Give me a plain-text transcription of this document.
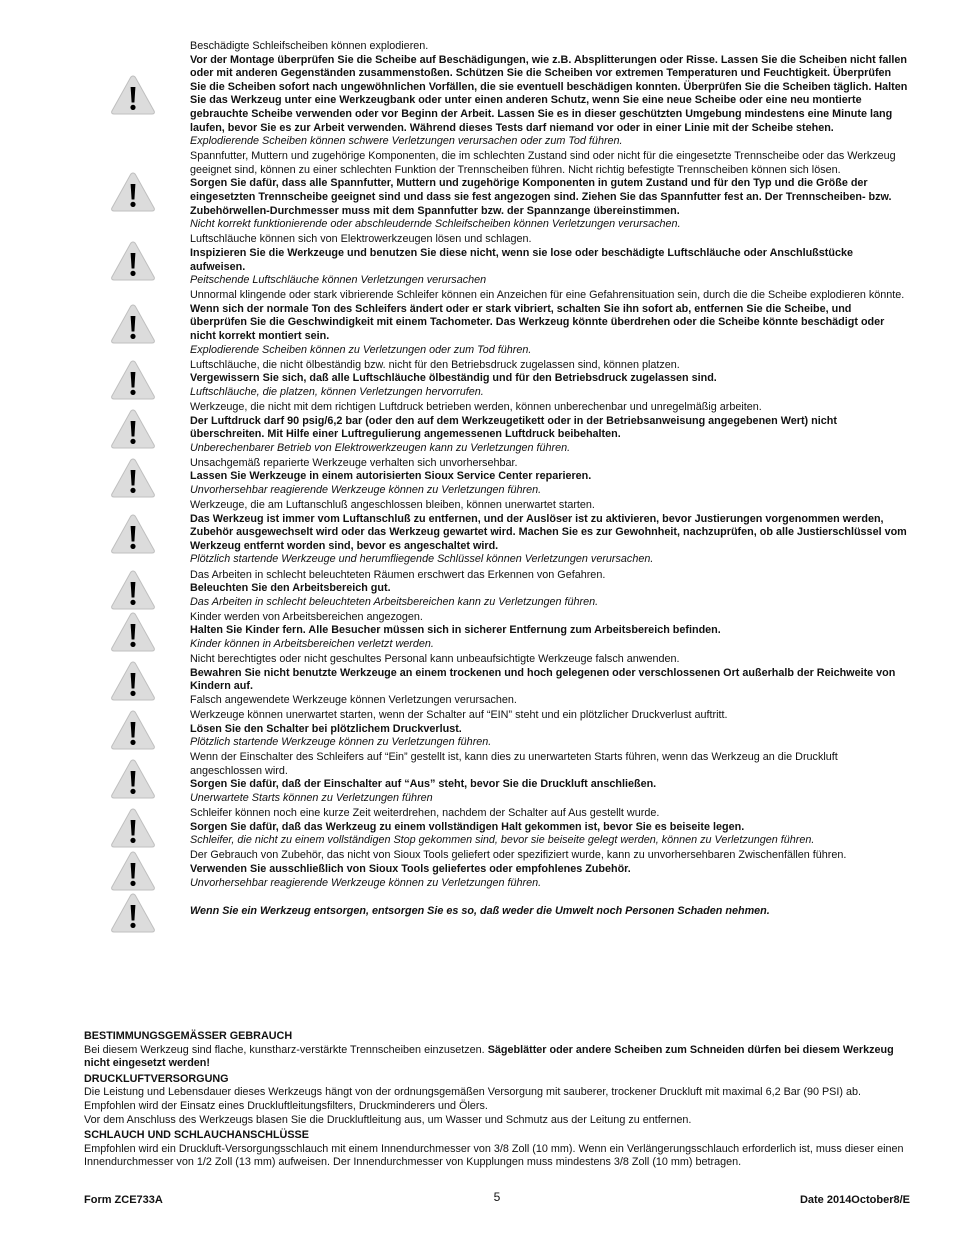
Beschädigte Schleifscheiben können explodieren.
Vor der Montage überprüfen Sie die Scheibe auf Beschädigungen, wie z.B. Absplitterungen oder Risse. Lassen Sie die Scheiben nicht fallen oder mit anderen Gegenständen zusammenstoßen. Schützen Sie die Scheiben vor extremen Temperaturen und Feuchtigkeit. Überprüfen Sie die Scheiben sofort nach ungewöhnlichen Vorfällen, die sie eventuell beschädigen konnten. Überprüfen Sie die Scheiben täglich. Halten Sie das Werkzeug unter eine Werkzeugbank oder unter einen anderen Schutz, wenn Sie eine neue Scheibe oder eine neu montierte gebrauchte Scheibe verwenden oder vor Beginn der Arbeit. Lassen Sie es in dieser geschützten Umgebung mindestens eine Minute lang laufen, bevor Sie es zur Arbeit verwenden. Während dieses Tests darf niemand vor oder in einer Linie mit der Scheibe stehen.
Explodierende Scheiben können schwere Verletzungen verursachen oder zum Tod führen.
Spannfutter, Muttern und zugehörige Komponenten, die im schlechten Zustand sind oder nicht für die eingesetzte Trennscheibe oder das Werkzeug geeignet sind, können zu einer schlechten Funktion der Trennscheiben führen. Nicht richtig befestigte Trennscheiben können sich lösen.
Sorgen Sie dafür, dass alle Spannfutter, Muttern und zugehörige Komponenten in gutem Zustand und für den Typ und die Größe der eingesetzten Trennscheibe geeignet sind und dass sie fest angezogen sind. Ziehen Sie das Spannfutter fest an. Der Trennscheiben- bzw. Zubehörwellen-Durchmesser muss mit dem Spannfutter bzw. der Spannzange übereinstimmen.
Nicht korrekt funktionierende oder abschleudernde Schleifscheiben können Verletzungen verursachen.
Luftschläuche können sich von Elektrowerkzeugen lösen und schlagen.
Inspizieren Sie die Werkzeuge und benutzen Sie diese nicht, wenn sie lose oder beschädigte Luftschläuche oder Anschlußstücke aufweisen.
Peitschende Luftschläuche können Verletzungen verursachen
Unnormal klingende oder stark vibrierende Schleifer können ein Anzeichen für eine Gefahrensituation sein, durch die die Scheibe explodieren könnte.
Wenn sich der normale Ton des Schleifers ändert oder er stark vibriert, schalten Sie ihn sofort ab, entfernen Sie die Scheibe, und überprüfen Sie die Geschwindigkeit mit einem Tachometer. Das Werkzeug könnte überdrehen oder die Scheibe könnte beschädigt oder nicht korrekt montiert sein.
Explodierende Scheiben können zu Verletzungen oder zum Tod führen.
Luftschläuche, die nicht ölbeständig bzw. nicht für den Betriebsdruck zugelassen sind, können platzen.
Vergewissern Sie sich, daß alle Luftschläuche ölbeständig und für den Betriebsdruck zugelassen sind.
Luftschläuche, die platzen, können Verletzungen hervorrufen.
Werkzeuge, die nicht mit dem richtigen Luftdruck betrieben werden, können unberechenbar und unregelmäßig arbeiten.
Der Luftdruck darf 90 psig/6,2 bar (oder den auf dem Werkzeugetikett oder in der Betriebsanweisung angegebenen Wert) nicht überschreiten. Mit Hilfe einer Luftregulierung angemessenen Luftdruck beibehalten.
Unberechenbarer Betrieb von Elektrowerkzeugen kann zu Verletzungen führen.
Unsachgemäß reparierte Werkzeuge verhalten sich unvorhersehbar.
Lassen Sie Werkzeuge in einem autorisierten Sioux Service Center reparieren.
Unvorhersehbar reagierende Werkzeuge können zu Verletzungen führen.
Werkzeuge, die am Luftanschluß angeschlossen bleiben, können unerwartet starten.
Das Werkzeug ist immer vom Luftanschluß zu entfernen, und der Auslöser ist zu aktivieren, bevor Justierungen vorgenommen werden, Zubehör ausgewechselt wird oder das Werkzeug gewartet wird. Machen Sie es zur Gewohnheit, nachzuprüfen, ob alle Justierschlüssel vom Werkzeug entfernt worden sind, bevor es angeschaltet wird.
Plötzlich startende Werkzeuge und herumfliegende Schlüssel können Verletzungen verursachen.
Das Arbeiten in schlecht beleuchteten Räumen erschwert das Erkennen von Gefahren.
Beleuchten Sie den Arbeitsbereich gut.
Das Arbeiten in schlecht beleuchteten Arbeitsbereichen kann zu Verletzungen führen.
Kinder werden von Arbeitsbereichen angezogen.
Halten Sie Kinder fern. Alle Besucher müssen sich in sicherer Entfernung zum Arbeitsbereich befinden.
Kinder können in Arbeitsbereichen verletzt werden.
Nicht berechtigtes oder nicht geschultes Personal kann unbeaufsichtigte Werkzeuge falsch anwenden.
Bewahren Sie nicht benutzte Werkzeuge an einem trockenen und hoch gelegenen oder verschlossenen Ort außerhalb der Reichweite von Kindern auf.
Falsch angewendete Werkzeuge können Verletzungen verursachen.
Werkzeuge können unerwartet starten, wenn der Schalter auf “EIN” steht und ein plötzlicher Druckverlust auftritt.
Lösen Sie den Schalter bei plötzlichem Druckverlust.
Plötzlich startende Werkzeuge können zu Verletzungen führen.
Wenn der Einschalter des Schleifers auf “Ein” gestellt ist, kann dies zu unerwarteten Starts führen, wenn das Werkzeug an die Druckluft angeschlossen wird.
Sorgen Sie dafür, daß der Einschalter auf “Aus” steht, bevor Sie die Druckluft anschließen.
Unerwartete Starts können zu Verletzungen führen
Schleifer können noch eine kurze Zeit weiterdrehen, nachdem der Schalter auf Aus gestellt wurde.
Sorgen Sie dafür, daß das Werkzeug zu einem vollständigen Halt gekommen ist, bevor Sie es beiseite legen.
Schleifer, die nicht zu einem vollständigen Stop gekommen sind, bevor sie beiseite gelegt werden, können zu Verletzungen führen.
Der Gebrauch von Zubehör, das nicht von Sioux Tools geliefert oder spezifiziert wurde, kann zu unvorhersehbaren Zwischenfällen führen.
Verwenden Sie ausschließlich von Sioux Tools geliefertes oder empfohlenes Zubehör.
Unvorhersehbar reagierende Werkzeuge können zu Verletzungen führen.
Wenn Sie ein Werkzeug entsorgen, entsorgen Sie es so, daß weder die Umwelt noch Personen Schaden nehmen.
BESTIMMUNGSGEMÄSSER GEBRAUCH
Bei diesem Werkzeug sind flache, kunstharz-verstärkte Trennscheiben einzusetzen. Sägeblätter oder andere Scheiben zum Schneiden dürfen bei diesem Werkzeug nicht eingesetzt werden!
DRUCKLUFTVERSORGUNG
Die Leistung und Lebensdauer dieses Werkzeugs hängt von der ordnungsgemäßen Versorgung mit sauberer, trockener Druckluft mit maximal 6,2 Bar (90 PSI) ab. Empfohlen wird der Einsatz eines Druckluftleitungsfilters, Druckminderers und Ölers.
Vor dem Anschluss des Werkzeugs blasen Sie die Druckluftleitung aus, um Wasser und Schmutz aus der Leitung zu entfernen.
SCHLAUCH UND SCHLAUCHANSCHLÜSSE
Empfohlen wird ein Druckluft-Versorgungsschlauch mit einem Innendurchmesser von 3/8 Zoll (10 mm). Wenn ein Verlängerungsschlauch erforderlich ist, muss dieser einen Innendurchmesser von 1/2 Zoll (13 mm) aufweisen. Der Innendurchmesser von Kupplungen muss mindestens 3/8 Zoll (10 mm) betragen.
Form ZCE733A	5	Date 2014October8/E
